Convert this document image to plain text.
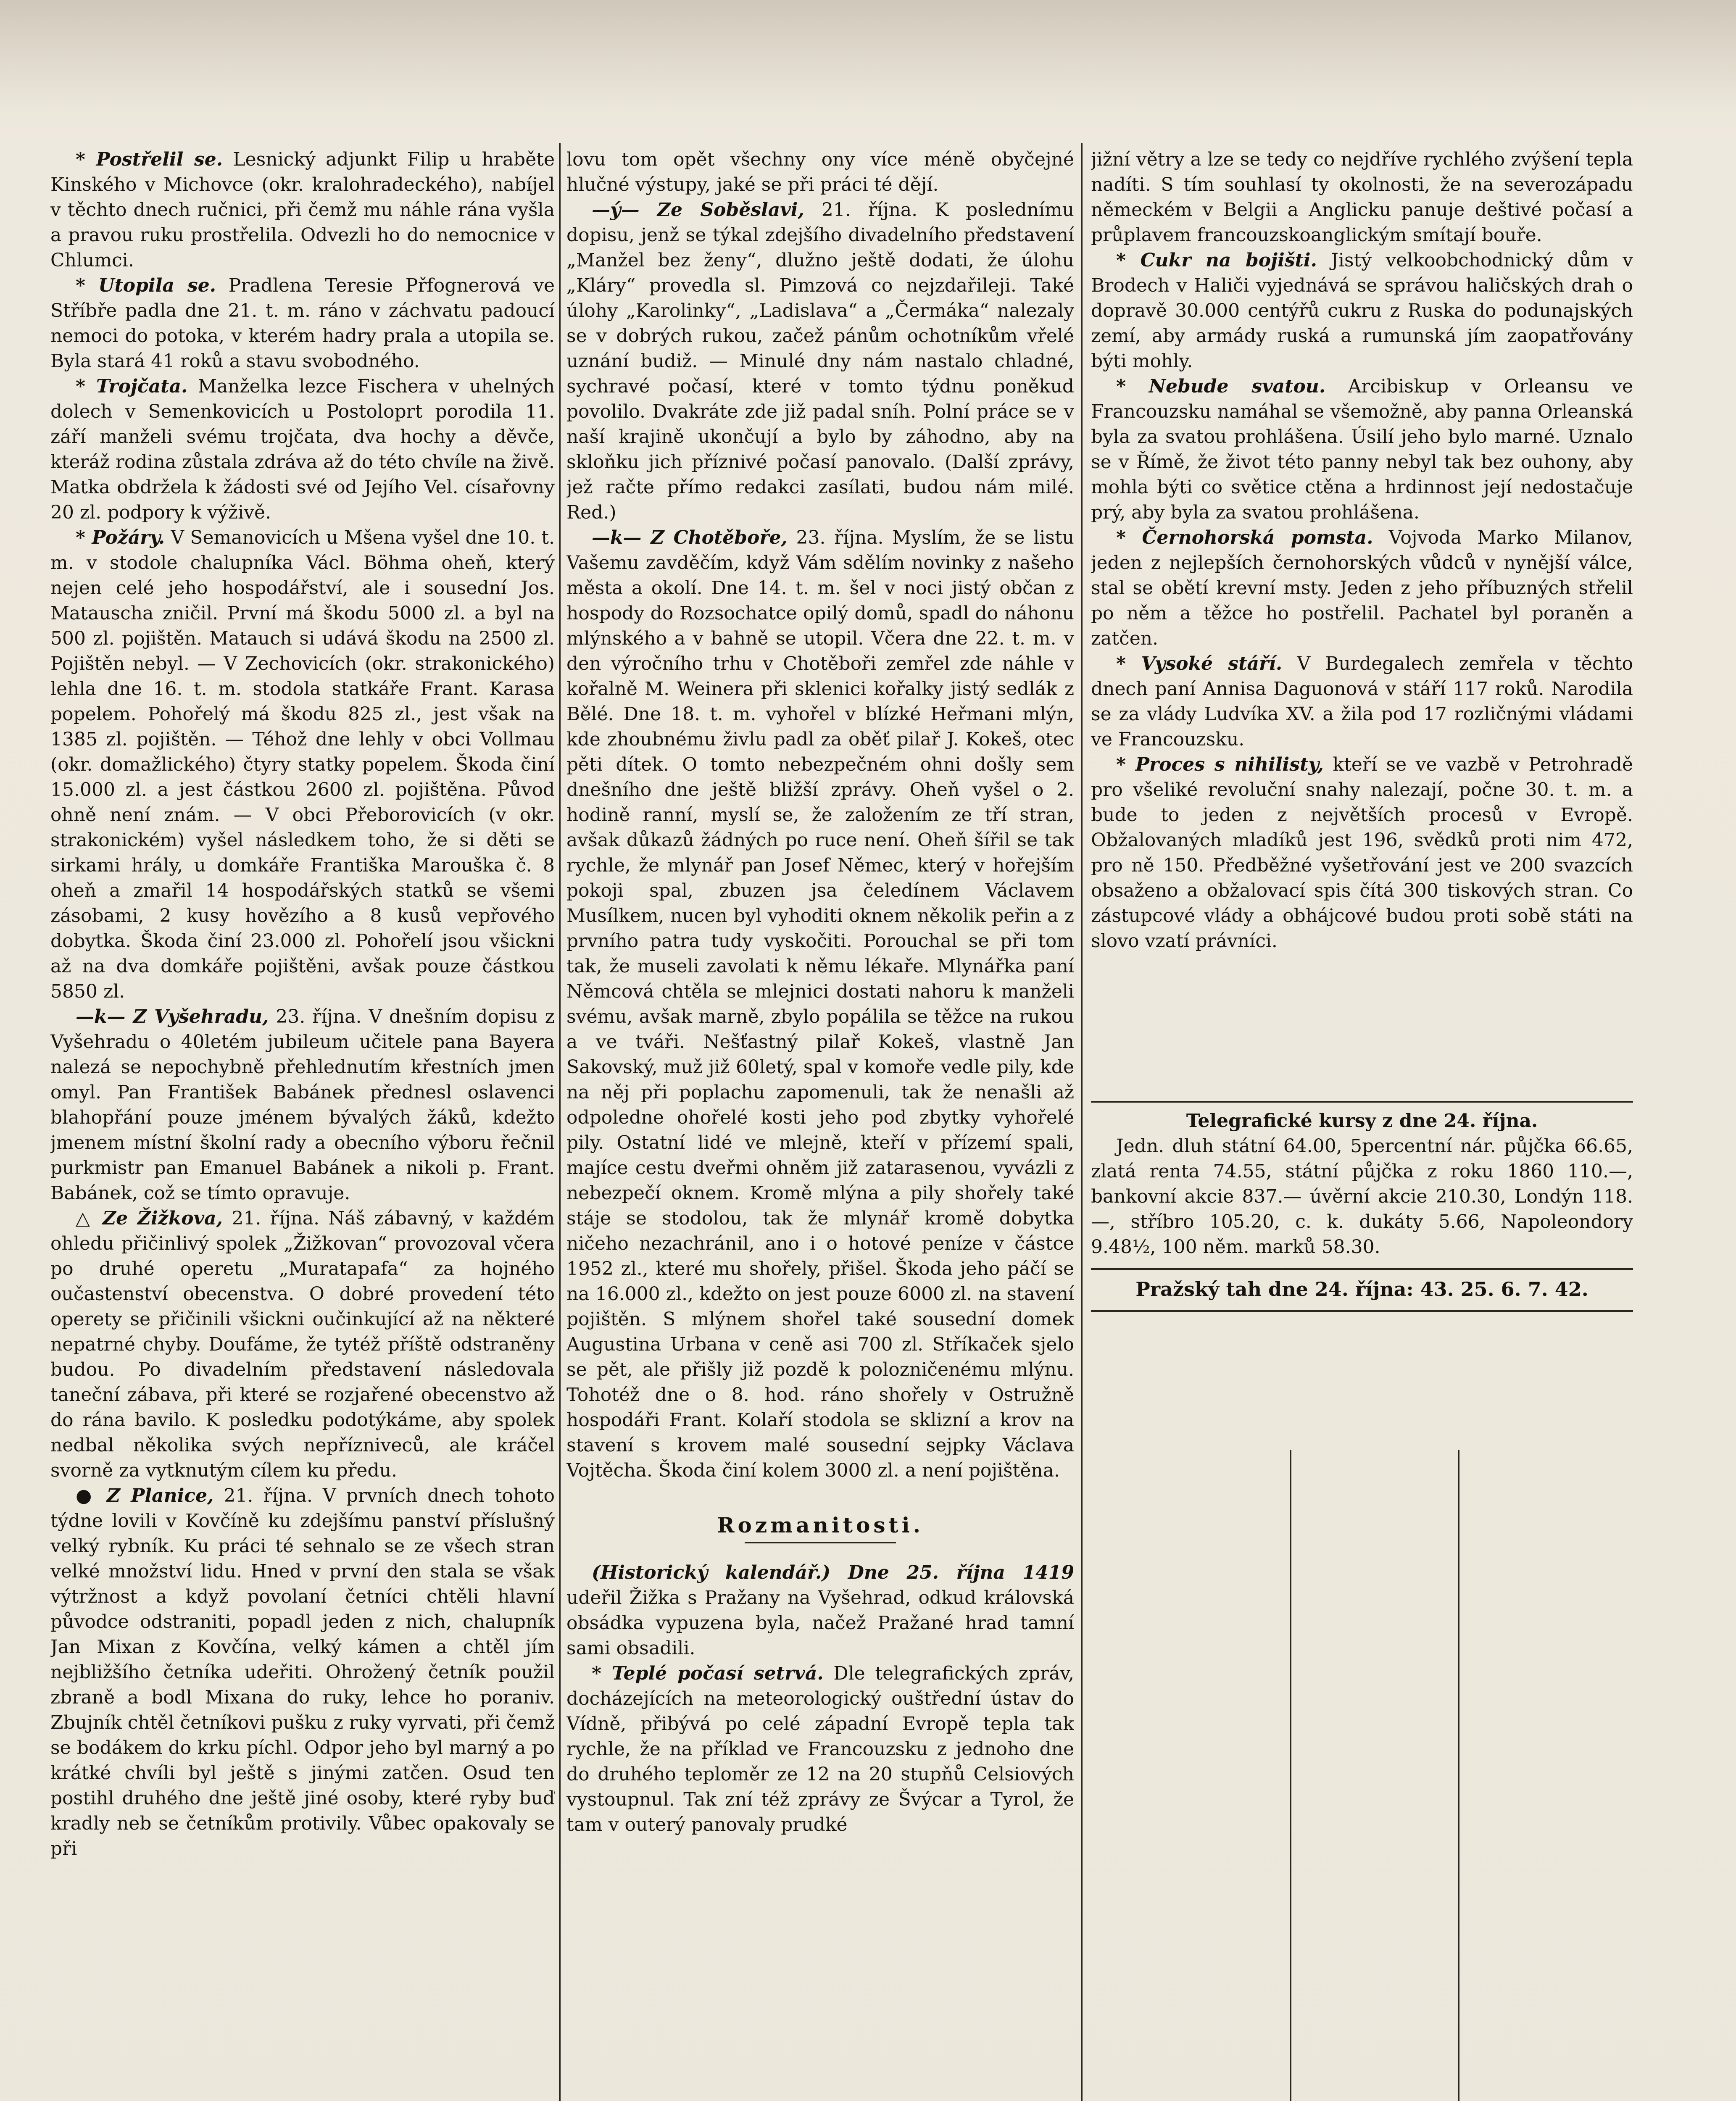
* Postřelil se. Lesnický adjunkt Filip u hraběte Kinského v Michovce (okr. kralohradeckého), nabíjel v těchto dnech ručnici, při čemž mu náhle rána vyšla a pravou ruku prostřelila. Odvezli ho do nemocnice v Chlumci.

* Utopila se. Pradlena Teresie Přfognerová ve Stříbře padla dne 21. t. m. ráno v záchvatu padoucí nemoci do potoka, v kterém hadry prala a utopila se. Byla stará 41 roků a stavu svobodného.

* Trojčata. Manželka lezce Fischera v uhelných dolech v Semenkovicích u Postoloprt porodila 11. září manželi svému trojčata, dva hochy a děvče, kteráž rodina zůstala zdráva až do této chvíle na živě. Matka obdržela k žádosti své od Jejího Vel. císařovny 20 zl. podpory k výživě.

* Požáry. V Semanovicích u Mšena vyšel dne 10. t. m. v stodole chalupníka Václ. Böhma oheň, který nejen celé jeho hospodářství, ale i sousední Jos. Matauscha zničil. První má škodu 5000 zl. a byl na 500 zl. pojištěn. Matauch si udává škodu na 2500 zl. Pojištěn nebyl. — V Zechovicích (okr. strakonického) lehla dne 16. t. m. stodola statkáře Frant. Karasa popelem. Pohořelý má škodu 825 zl., jest však na 1385 zl. pojištěn. — Téhož dne lehly v obci Vollmau (okr. domažlického) čtyry statky popelem. Škoda činí 15.000 zl. a jest částkou 2600 zl. pojištěna. Původ ohně není znám. — V obci Přeborovicích (v okr. strakonickém) vyšel následkem toho, že si děti se sirkami hrály, u domkáře Františka Marouška č. 8 oheň a zmařil 14 hospodářských statků se všemi zásobami, 2 kusy hovězího a 8 kusů vepřového dobytka. Škoda činí 23.000 zl. Pohořelí jsou všickni až na dva domkáře pojištěni, avšak pouze částkou 5850 zl.

—k— Z Vyšehradu, 23. října. V dnešním dopisu z Vyšehradu o 40letém jubileum učitele pana Bayera nalezá se nepochybně přehlednutím křestních jmen omyl. Pan František Babánek přednesl oslavenci blahopřání pouze jménem bývalých žáků, kdežto jmenem místní školní rady a obecního výboru řečnil purkmistr pan Emanuel Babánek a nikoli p. Frant. Babánek, což se tímto opravuje.

△ Ze Žižkova, 21. října. Náš zábavný, v každém ohledu přičinlivý spolek „Žižkovan“ provozoval včera po druhé operetu „Muratapafa“ za hojného oučastenství obecenstva. O dobré provedení této operety se přičinili všickni oučinkující až na některé nepatrné chyby. Doufáme, že tytéž příště odstraněny budou. Po divadelním představení následovala taneční zábava, při které se rozjařené obecenstvo až do rána bavilo. K posledku podotýkáme, aby spolek nedbal několika svých nepřízniveců, ale kráčel svorně za vytknutým cílem ku předu.

● Z Planice, 21. října. V prvních dnech tohoto týdne lovili v Kovčíně ku zdejšímu panství příslušný velký rybník. Ku práci té sehnalo se ze všech stran velké množství lidu. Hned v první den stala se však výtržnost a když povolaní četníci chtěli hlavní původce odstraniti, popadl jeden z nich, chalupník Jan Mixan z Kovčína, velký kámen a chtěl jím nejbližšího četníka udeřiti. Ohrožený četník použil zbraně a bodl Mixana do ruky, lehce ho poraniv. Zbujník chtěl četníkovi pušku z ruky vyrvati, při čemž se bodákem do krku píchl. Odpor jeho byl marný a po krátké chvíli byl ještě s jinými zatčen. Osud ten postihl druhého dne ještě jiné osoby, které ryby buď kradly neb se četníkům protivily. Vůbec opakovaly se při

lovu tom opět všechny ony více méně obyčejné hlučné výstupy, jaké se při práci té dějí.

—ý— Ze Soběslavi, 21. října. K poslednímu dopisu, jenž se týkal zdejšího divadelního představení „Manžel bez ženy“, dlužno ještě dodati, že úlohu „Kláry“ provedla sl. Pimzová co nejzdařileji. Také úlohy „Karolinky“, „Ladislava“ a „Čermáka“ nalezaly se v dobrých rukou, začež pánům ochotníkům vřelé uznání budiž. — Minulé dny nám nastalo chladné, sychravé počasí, které v tomto týdnu poněkud povolilo. Dvakráte zde již padal sníh. Polní práce se v naší krajině ukončují a bylo by záhodno, aby na skloňku jich příznivé počasí panovalo. (Další zprávy, jež račte přímo redakci zasílati, budou nám milé. Red.)

—k— Z Chotěboře, 23. října. Myslím, že se listu Vašemu zavděčím, když Vám sdělím novinky z našeho města a okolí. Dne 14. t. m. šel v noci jistý občan z hospody do Rozsochatce opilý domů, spadl do náhonu mlýnského a v bahně se utopil. Včera dne 22. t. m. v den výročního trhu v Chotěboři zemřel zde náhle v kořalně M. Weinera při sklenici kořalky jistý sedlák z Bělé. Dne 18. t. m. vyhořel v blízké Heřmani mlýn, kde zhoubnému živlu padl za oběť pilař J. Kokeš, otec pěti dítek. O tomto nebezpečném ohni došly sem dnešního dne ještě bližší zprávy. Oheň vyšel o 2. hodině ranní, myslí se, že založením ze tří stran, avšak důkazů žádných po ruce není. Oheň šířil se tak rychle, že mlynář pan Josef Němec, který v hořejším pokoji spal, zbuzen jsa čeledínem Václavem Musílkem, nucen byl vyhoditi oknem několik peřin a z prvního patra tudy vyskočiti. Porouchal se při tom tak, že museli zavolati k němu lékaře. Mlynářka paní Němcová chtěla se mlejnici dostati nahoru k manželi svému, avšak marně, zbylo popálila se těžce na rukou a ve tváři. Nešťastný pilař Kokeš, vlastně Jan Sakovský, muž již 60letý, spal v komoře vedle pily, kde na něj při poplachu zapomenuli, tak že nenašli až odpoledne ohořelé kosti jeho pod zbytky vyhořelé pily. Ostatní lidé ve mlejně, kteří v přízemí spali, majíce cestu dveřmi ohněm již zatarasenou, vyvázli z nebezpečí oknem. Kromě mlýna a pily shořely také stáje se stodolou, tak že mlynář kromě dobytka ničeho nezachránil, ano i o hotové peníze v částce 1952 zl., které mu shořely, přišel. Škoda jeho páčí se na 16.000 zl., kdežto on jest pouze 6000 zl. na stavení pojištěn. S mlýnem shořel také sousední domek Augustina Urbana v ceně asi 700 zl. Stříkaček sjelo se pět, ale přišly již pozdě k polozničenému mlýnu. Tohotéž dne o 8. hod. ráno shořely v Ostružně hospodáři Frant. Kolaří stodola se sklizní a krov na stavení s krovem malé sousední sejpky Václava Vojtěcha. Škoda činí kolem 3000 zl. a není pojištěna.

Rozmanitosti.

(Historický kalendář.) Dne 25. října 1419 udeřil Žižka s Pražany na Vyšehrad, odkud královská obsádka vypuzena byla, načež Pražané hrad tamní sami obsadili.

* Teplé počasí setrvá. Dle telegrafických zpráv, docházejících na meteorologický ouštřední ústav do Vídně, přibývá po celé západní Evropě tepla tak rychle, že na příklad ve Francouzsku z jednoho dne do druhého teploměr ze 12 na 20 stupňů Celsiových vystoupnul. Tak zní též zprávy ze Švýcar a Tyrol, že tam v outerý panovaly prudké

jižní větry a lze se tedy co nejdříve rychlého zvýšení tepla nadíti. S tím souhlasí ty okolnosti, že na severozápadu německém v Belgii a Anglicku panuje deštivé počasí a průplavem francouzskoanglickým smítají bouře.

* Cukr na bojišti. Jistý velkoobchodnický dům v Brodech v Haliči vyjednává se správou haličských drah o dopravě 30.000 centýřů cukru z Ruska do podunajských zemí, aby armády ruská a rumunská jím zaopatřovány býti mohly.

* Nebude svatou. Arcibiskup v Orleansu ve Francouzsku namáhal se všemožně, aby panna Orleanská byla za svatou prohlášena. Úsilí jeho bylo marné. Uznalo se v Římě, že život této panny nebyl tak bez ouhony, aby mohla býti co světice ctěna a hrdinnost její nedostačuje prý, aby byla za svatou prohlášena.

* Černohorská pomsta. Vojvoda Marko Milanov, jeden z nejlepších černohorských vůdců v nynější válce, stal se obětí krevní msty. Jeden z jeho příbuzných střelil po něm a těžce ho postřelil. Pachatel byl poraněn a zatčen.

* Vysoké stáří. V Burdegalech zemřela v těchto dnech paní Annisa Daguonová v stáří 117 roků. Narodila se za vlády Ludvíka XV. a žila pod 17 rozličnými vládami ve Francouzsku.

* Proces s nihilisty, kteří se ve vazbě v Petrohradě pro všeliké revoluční snahy nalezají, počne 30. t. m. a bude to jeden z největších procesů v Evropě. Obžalovaných mladíků jest 196, svědků proti nim 472, pro ně 150. Předběžné vyšetřování jest ve 200 svazcích obsaženo a obžalovací spis čítá 300 tiskových stran. Co zástupcové vlády a obhájcové budou proti sobě státi na slovo vzatí právníci.

Telegrafické kursy z dne 24. října.

Jedn. dluh státní 64.00, 5percentní nár. půjčka 66.65, zlatá renta 74.55, státní půjčka z roku 1860 110.—, bankovní akcie 837.— úvěrní akcie 210.30, Londýn 118.—, stříbro 105.20, c. k. dukáty 5.66, Napoleondory 9.48½, 100 něm. marků 58.30.

Pražský tah dne 24. října: 43. 25. 6. 7. 42.
